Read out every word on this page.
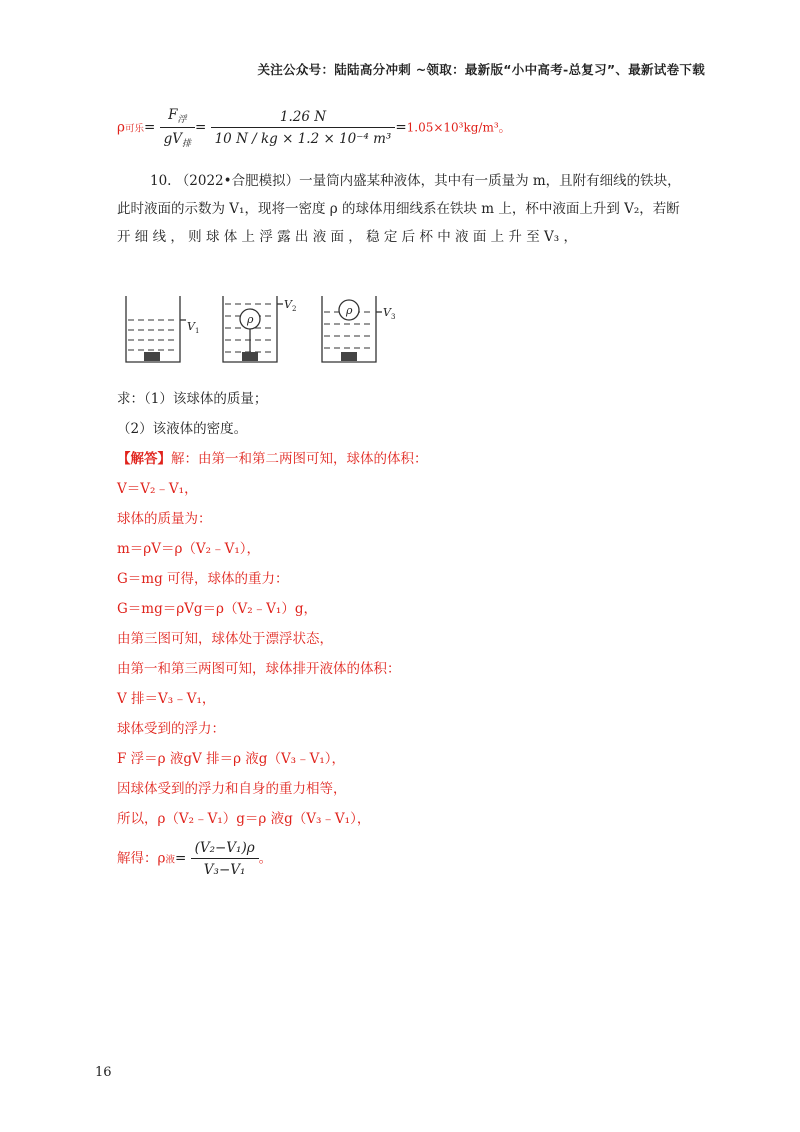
关注公众号：陆陆高分冲刺 ~领取：最新版“小中高考-总复习”、最新试卷下载
ρ可乐= $\frac{F_浮}{gV_排} = \frac{1.26 N}{\text{10 N / kg × 1.2 × 10⁻⁴ m³}} =1.05\times 10^3kg/m^3$。
10. （2022•合肥模拟）一量筒内盛某种液体，其中有一质量为 m，且附有细线的铁块，
此时液面的示数为 V₁，现将一密度 ρ 的球体用细线系在铁块 m 上，杯中液面上升到 V₂，若断
开 细 线 ， 则 球 体 上 浮 露 出 液 面 ， 稳 定 后 杯 中 液 面 上 升 至 V₃ ，
V 1
ρ
V 2	ρ	V 3
求：（1）该球体的质量；
（2）该液体的密度。
【解答】解：由第一和第二两图可知，球体的体积：
V＝V₂﹣V₁，
球体的质量为：
m＝ρV＝ρ（V₂﹣V₁），
G＝mg 可得，球体的重力：
G＝mg＝ρVg＝ρ（V₂﹣V₁）g，
由第三图可知，球体处于漂浮状态，
由第一和第三两图可知，球体排开液体的体积：
V 排＝V₃﹣V₁，
球体受到的浮力：
F 浮＝ρ 液gV 排＝ρ 液g（V₃﹣V₁），
因球体受到的浮力和自身的重力相等，
所以，ρ（V₂﹣V₁）g＝ρ 液g（V₃﹣V₁），
解得：ρ液= $\frac{\text{(V₂−V₁)ρ}}{\text{V₃−V₁}}$ 。
16
